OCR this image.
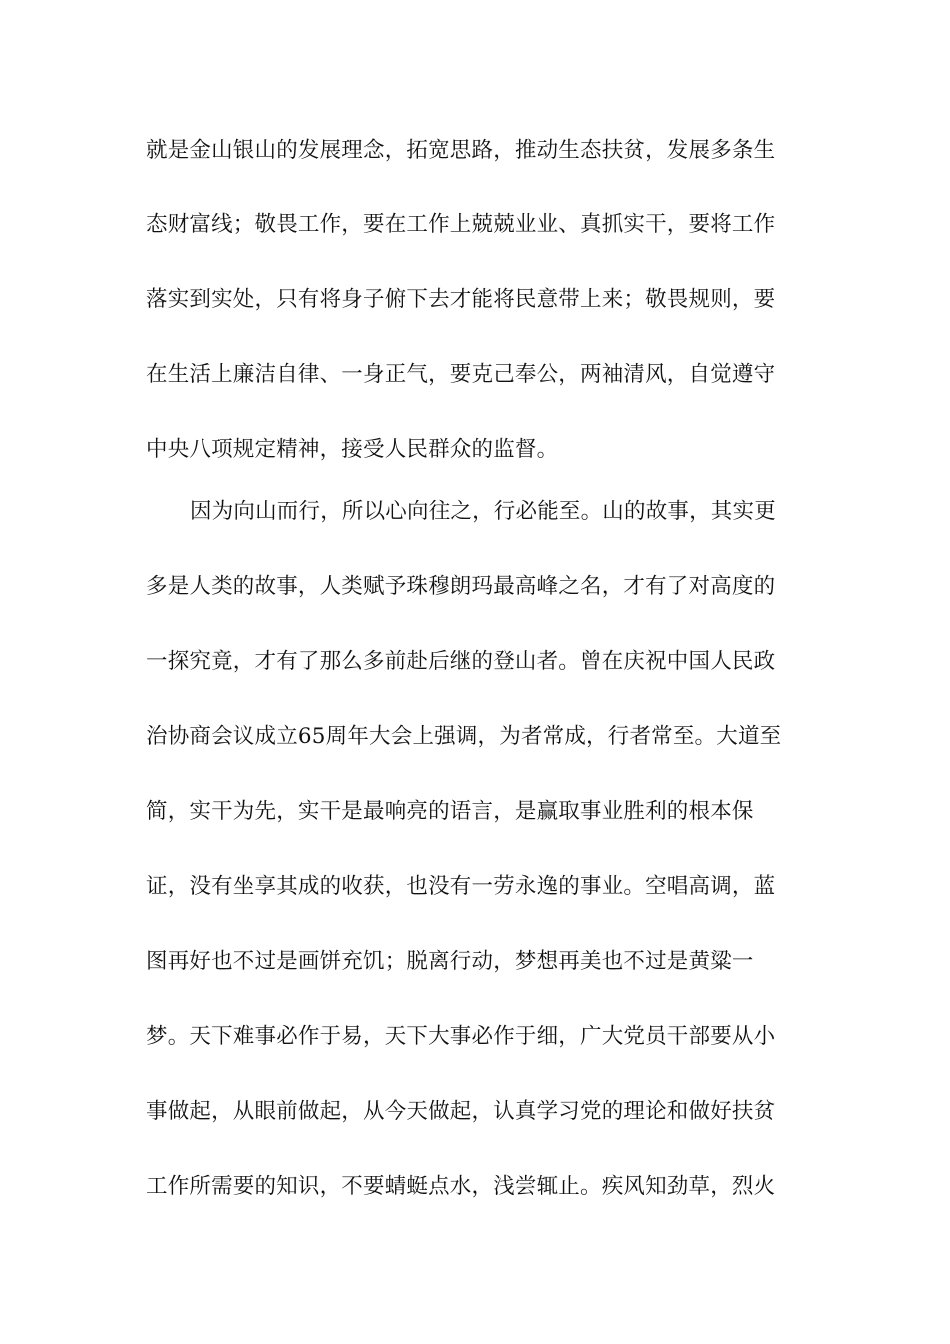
就是金山银山的发展理念，拓宽思路，推动生态扶贫，发展多条生
态财富线；敬畏工作，要在工作上兢兢业业、真抓实干，要将工作
落实到实处，只有将身子俯下去才能将民意带上来；敬畏规则，要
在生活上廉洁自律、一身正气，要克己奉公，两袖清风，自觉遵守
中央八项规定精神，接受人民群众的监督。
因为向山而行，所以心向往之，行必能至。山的故事，其实更
多是人类的故事，人类赋予珠穆朗玛最高峰之名，才有了对高度的
一探究竟，才有了那么多前赴后继的登山者。曾在庆祝中国人民政
治协商会议成立65周年大会上强调，为者常成，行者常至。大道至
简，实干为先，实干是最响亮的语言，是赢取事业胜利的根本保
证，没有坐享其成的收获，也没有一劳永逸的事业。空唱高调，蓝
图再好也不过是画饼充饥；脱离行动，梦想再美也不过是黄粱一
梦。天下难事必作于易，天下大事必作于细，广大党员干部要从小
事做起，从眼前做起，从今天做起，认真学习党的理论和做好扶贫
工作所需要的知识，不要蜻蜓点水，浅尝辄止。疾风知劲草，烈火
